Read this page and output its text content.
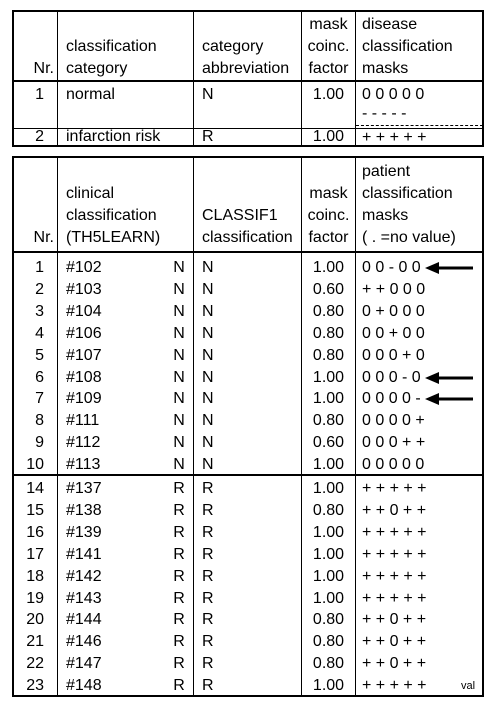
Nr.
classification
category
category
abbreviation
mask
coinc.
factor
disease
classification
masks
1 normal	N	1.00	0 0 0 0 0
- - - - -
2 infarction risk	R	1.00	+ + + + +
Nr.
clinical
classification
(TH5LEARN)
CLASSIF1
classification
mask
coinc.
factor
patient
classification
masks
( . =no value)
1 #102	N N	1.00	0 0 - 0 0
2 #103	N N	0.60	+ + 0 0 0
3 #104	N N	0.80	0 + 0 0 0
4 #106	N N	0.80	0 0 + 0 0
5 #107	N N	0.80	0 0 0 + 0
6 #108	N N	1.00	0 0 0 - 0
7 #109	N N	1.00	0 0 0 0 -
8 #111	N N	0.80	0 0 0 0 +
9 #112	N N	0.60	0 0 0 + +
10 #113	N N	1.00	0 0 0 0 0
14 #137	R R	1.00	+ + + + +
15 #138	R R	0.80	+ + 0 + +
16 #139	R R	1.00	+ + + + +
17 #141	R R	1.00	+ + + + +
18 #142	R R	1.00	+ + + + +
19 #143	R R	1.00	+ + + + +
20 #144	R R	0.80	+ + 0 + +
21 #146	R R	0.80	+ + 0 + +
22 #147	R R	0.80	+ + 0 + +
23 #148	R R	1.00	+ + + + +	val
